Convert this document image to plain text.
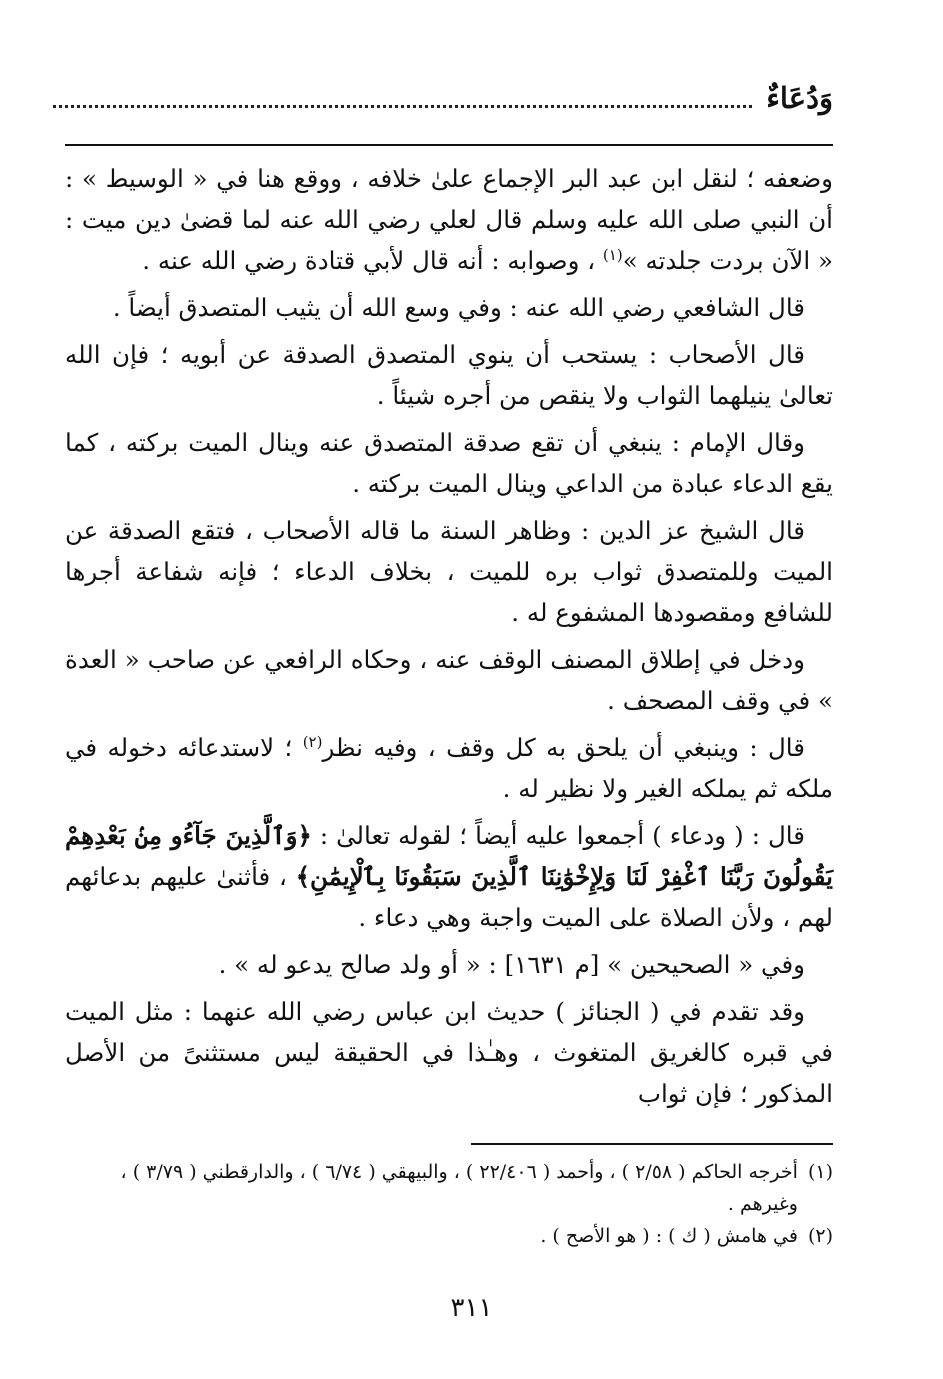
وَدُعَاءٌ

وضعفه ؛ لنقل ابن عبد البر الإجماع علىٰ خلافه ، ووقع هنا في « الوسيط » : أن النبي صلى الله عليه وسلم قال لعلي رضي الله عنه لما قضىٰ دين ميت : « الآن بردت جلدته »$^{(١)}$ ، وصوابه : أنه قال لأبي قتادة رضي الله عنه .

قال الشافعي رضي الله عنه : وفي وسع الله أن يثيب المتصدق أيضاً .

قال الأصحاب : يستحب أن ينوي المتصدق الصدقة عن أبويه ؛ فإن الله تعالىٰ ينيلهما الثواب ولا ينقص من أجره شيئاً .

وقال الإمام : ينبغي أن تقع صدقة المتصدق عنه وينال الميت بركته ، كما يقع الدعاء عبادة من الداعي وينال الميت بركته .

قال الشيخ عز الدين : وظاهر السنة ما قاله الأصحاب ، فتقع الصدقة عن الميت وللمتصدق ثواب بره للميت ، بخلاف الدعاء ؛ فإنه شفاعة أجرها للشافع ومقصودها المشفوع له .

ودخل في إطلاق المصنف الوقف عنه ، وحكاه الرافعي عن صاحب « العدة » في وقف المصحف .

قال : وينبغي أن يلحق به كل وقف ، وفيه نظر$^{(٢)}$ ؛ لاستدعائه دخوله في ملكه ثم يملكه الغير ولا نظير له .

قال : ( ودعاء ) أجمعوا عليه أيضاً ؛ لقوله تعالىٰ : ﴿وَٱلَّذِينَ جَآءُو مِنۢ بَعْدِهِمْ يَقُولُونَ رَبَّنَا ٱغْفِرْ لَنَا وَلِإِخْوَٰنِنَا ٱلَّذِينَ سَبَقُونَا بِٱلْإِيمَٰنِ﴾ ، فأثنىٰ عليهم بدعائهم لهم ، ولأن الصلاة على الميت واجبة وهي دعاء .

وفي « الصحيحين » [م ١٦٣١] : « أو ولد صالح يدعو له » .

وقد تقدم في ( الجنائز ) حديث ابن عباس رضي الله عنهما : مثل الميت في قبره كالغريق المتغوث ، وهـٰذا في الحقيقة ليس مستثنىً من الأصل المذكور ؛ فإن ثواب

(١)
أخرجه الحاكم ( ٢/٥٨ ) ، وأحمد ( ٢٢/٤٠٦ ) ، والبيهقي ( ٦/٧٤ ) ، والدارقطني ( ٣/٧٩ ) ، وغيرهم .

(٢)
في هامش ( ك ) : ( هو الأصح ) .

٣١١
